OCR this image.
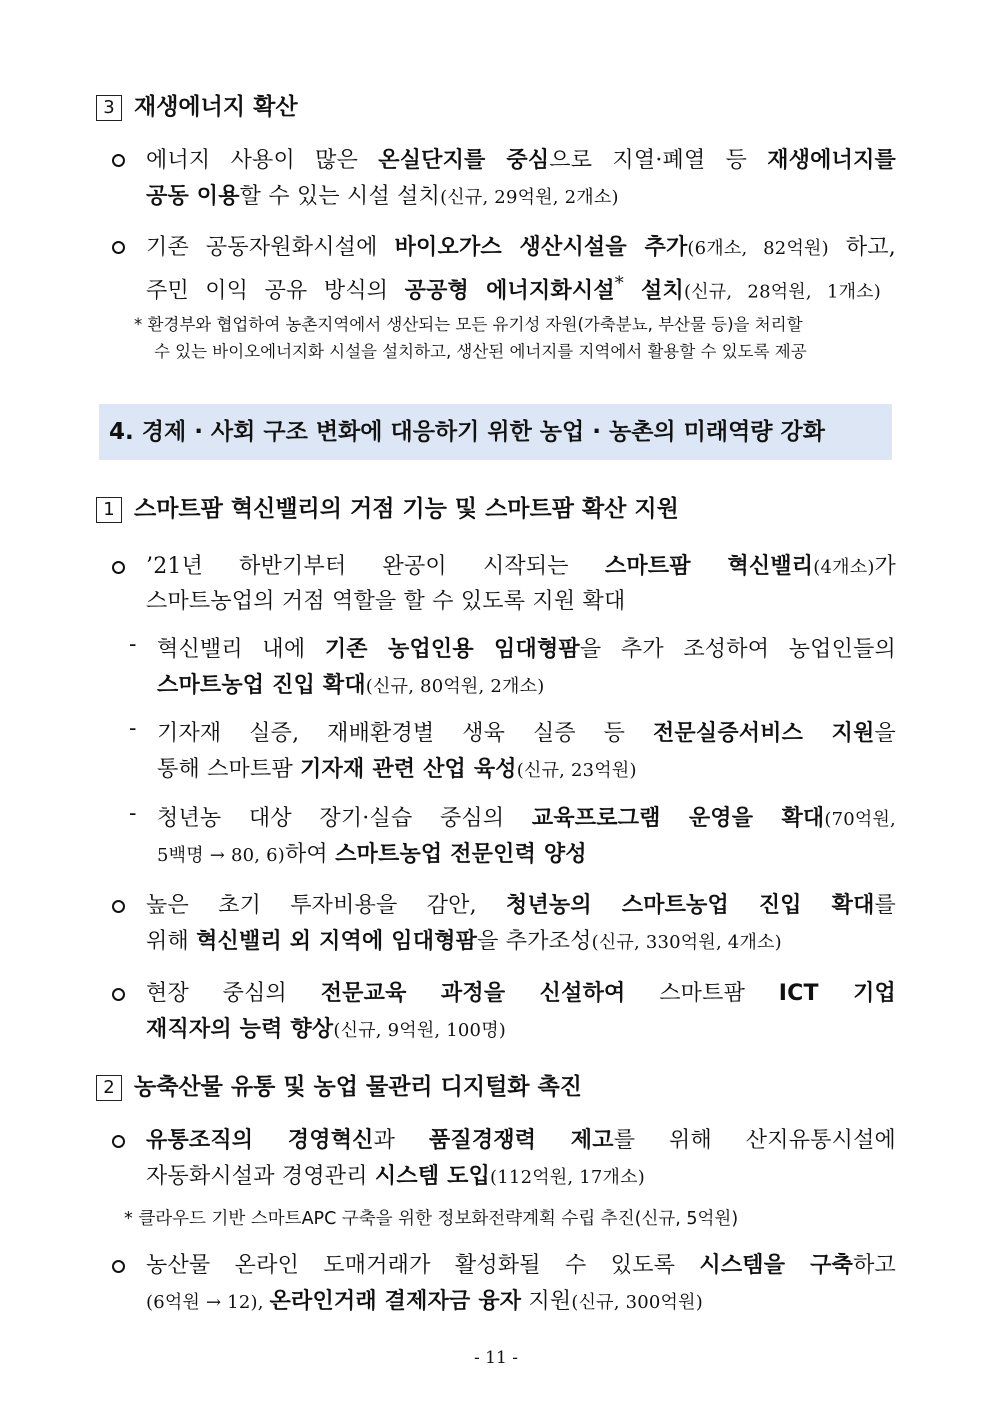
3 재생에너지 확산
에너지 사용이 많은 온실단지를 중심으로 지열·폐열 등 재생에너지를
공동 이용할 수 있는 시설 설치(신규, 29억원, 2개소)
기존 공동자원화시설에 바이오가스 생산시설을 추가(6개소, 82억원) 하고,
주민 이익 공유 방식의 공공형 에너지화시설* 설치(신규, 28억원, 1개소)
* 환경부와 협업하여 농촌지역에서 생산되는 모든 유기성 자원(가축분뇨, 부산물 등)을 처리할
수 있는 바이오에너지화 시설을 설치하고, 생산된 에너지를 지역에서 활용할 수 있도록 제공
4. 경제 · 사회 구조 변화에 대응하기 위한 농업 · 농촌의 미래역량 강화
1 스마트팜 혁신밸리의 거점 기능 및 스마트팜 확산 지원
’21년 하반기부터 완공이 시작되는 스마트팜 혁신밸리(4개소)가
스마트농업의 거점 역할을 할 수 있도록 지원 확대
- 혁신밸리 내에 기존 농업인용 임대형팜을 추가 조성하여 농업인들의
스마트농업 진입 확대(신규, 80억원, 2개소)
- 기자재 실증, 재배환경별 생육 실증 등 전문실증서비스 지원을
통해 스마트팜 기자재 관련 산업 육성(신규, 23억원)
- 청년농 대상 장기·실습 중심의 교육프로그램 운영을 확대(70억원,
5백명 → 80, 6)하여 스마트농업 전문인력 양성
높은 초기 투자비용을 감안, 청년농의 스마트농업 진입 확대를
위해 혁신밸리 외 지역에 임대형팜을 추가조성(신규, 330억원, 4개소)
현장 중심의 전문교육 과정을 신설하여 스마트팜 ICT 기업
재직자의 능력 향상(신규, 9억원, 100명)
2 농축산물 유통 및 농업 물관리 디지털화 촉진
유통조직의 경영혁신과 품질경쟁력 제고를 위해 산지유통시설에
자동화시설과 경영관리 시스템 도입(112억원, 17개소)
* 클라우드 기반 스마트APC 구축을 위한 정보화전략계획 수립 추진(신규, 5억원)
농산물 온라인 도매거래가 활성화될 수 있도록 시스템을 구축하고
(6억원 → 12), 온라인거래 결제자금 융자 지원(신규, 300억원)
- 11 -
